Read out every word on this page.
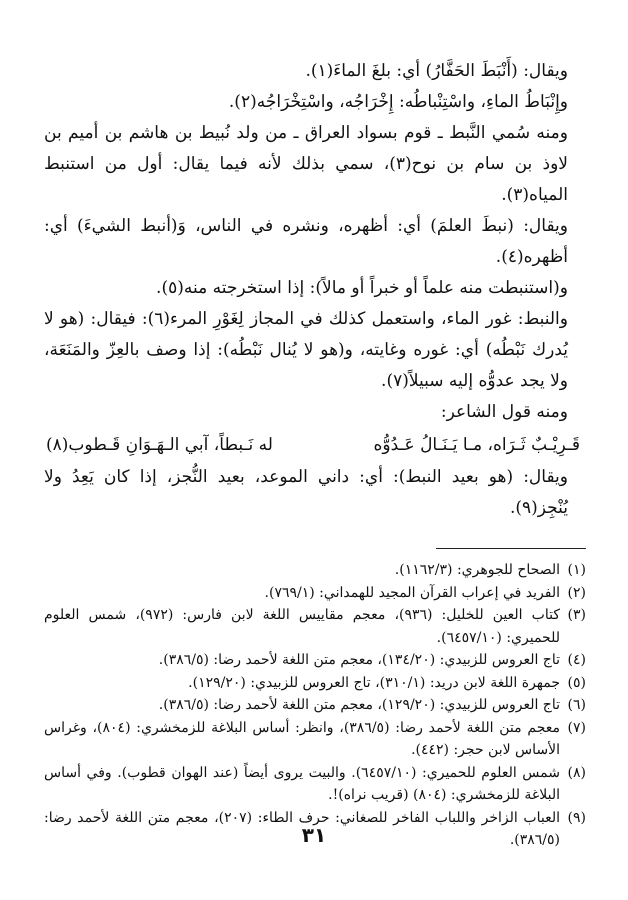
ويقال: (أَنْبَطَ الحَفَّارُ) أي: بلغَ الماءَ(١).

وإِنْبَاطُ الماءِ، واسْتِنْباطُه: إِخْرَاجُه، واسْتِخْرَاجُه(٢).

ومنه سُمي النَّبط ـ قوم بسواد العراق ـ من ولد نُبيط بن هاشم بن أميم بن لاوذ بن سام بن نوح(٣)، سمي بذلك لأنه فيما يقال: أول من استنبط المياه(٣).

ويقال: (نبطَ العلمَ) أي: أظهره، ونشره في الناس، وَ(أنبط الشيءَ) أي: أظهره(٤).

و(استنبطت منه علماً أو خبراً أو مالاً): إذا استخرجته منه(٥).

والنبط: غور الماء، واستعمل كذلك في المجاز لِغَوْرِ المرء(٦): فيقال: (هو لا يُدرك نَبْطُه) أي: غوره وغايته، و(هو لا يُنال نَبْطُه): إذا وصف بالعِزّ والمَنَعَة، ولا يجد عدوُّه إليه سبيلاً(٧).

ومنه قول الشاعر:

قَـرِيْـبٌ ثَـرَاه، مـا يَـنَـالُ عَـدُوُّه
له نَـبطاً، آبي الـهَـوَانِ قَـطوب(٨)

ويقال: (هو بعيد النبط): أي: داني الموعد، بعيد النُّجز، إذا كان يَعِدُ ولا يُنْجِز(٩).

(١)
الصحاح للجوهري: (١١٦٢/٣).
(٢)
الفريد في إعراب القرآن المجيد للهمداني: (٧٦٩/١).
(٣)
كتاب العين للخليل: (٩٣٦)، معجم مقاييس اللغة لابن فارس: (٩٧٢)، شمس العلوم للحميري: (٦٤٥٧/١٠).
(٤)
تاج العروس للزبيدي: (١٣٤/٢٠)، معجم متن اللغة لأحمد رضا: (٣٨٦/٥).
(٥)
جمهرة اللغة لابن دريد: (٣١٠/١)، تاج العروس للزبيدي: (١٢٩/٢٠).
(٦)
تاج العروس للزبيدي: (١٢٩/٢٠)، معجم متن اللغة لأحمد رضا: (٣٨٦/٥).
(٧)
معجم متن اللغة لأحمد رضا: (٣٨٦/٥)، وانظر: أساس البلاغة للزمخشري: (٨٠٤)، وغراس الأساس لابن حجر: (٤٤٢).
(٨)
شمس العلوم للحميري: (٦٤٥٧/١٠). والبيت يروى أيضاً (عند الهوان قطوب). وفي أساس البلاغة للزمخشري: (٨٠٤) (قريب نراه)!.
(٩)
العباب الزاخر واللباب الفاخر للصغاني: حرف الطاء: (٢٠٧)، معجم متن اللغة لأحمد رضا: (٣٨٦/٥).
٣١
